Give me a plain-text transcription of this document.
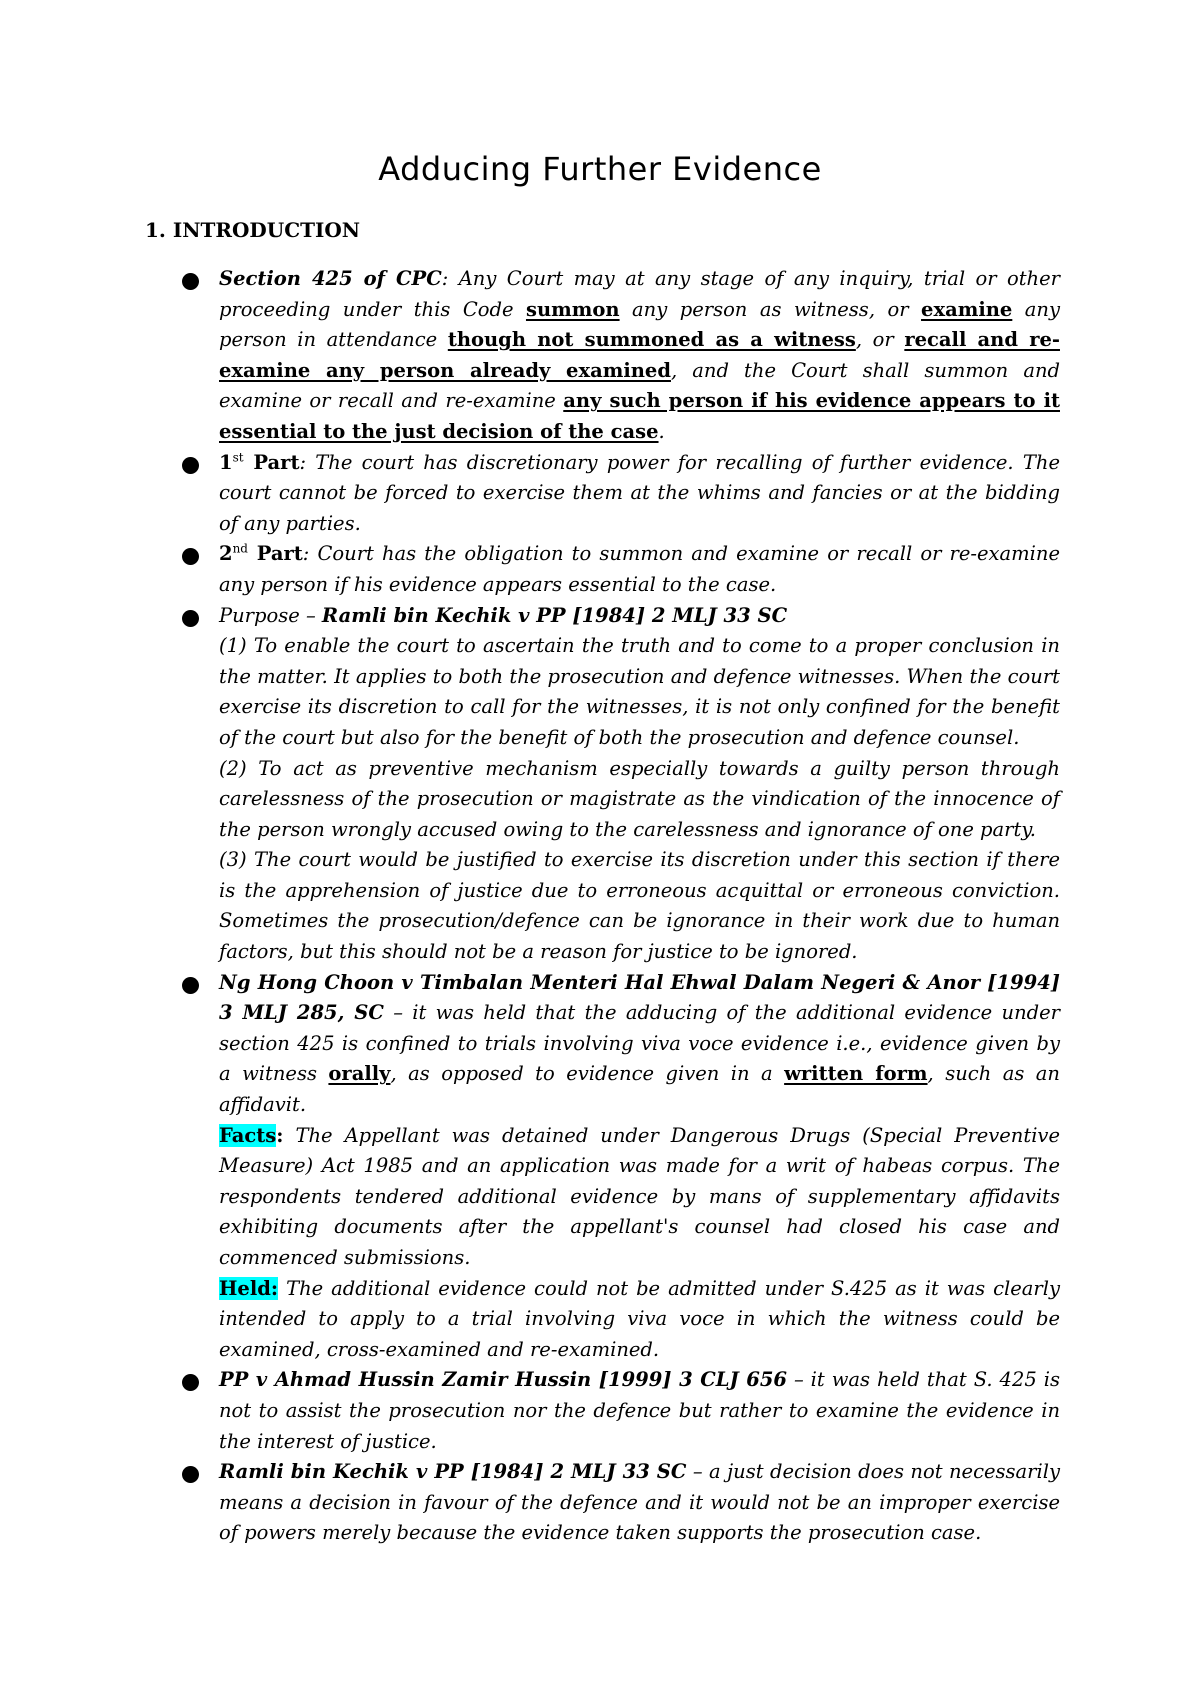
Adducing Further Evidence
1. INTRODUCTION
Section 425 of CPC: Any Court may at any stage of any inquiry, trial or other proceeding under this Code summon any person as witness, or examine any person in attendance though not summoned as a witness, or recall and re-examine any person already examined, and the Court shall summon and examine or recall and re-examine any such person if his evidence appears to it essential to the just decision of the case.
1st Part: The court has discretionary power for recalling of further evidence. The court cannot be forced to exercise them at the whims and fancies or at the bidding of any parties.
2nd Part: Court has the obligation to summon and examine or recall or re-examine any person if his evidence appears essential to the case.
Purpose – Ramli bin Kechik v PP [1984] 2 MLJ 33 SC
(1) To enable the court to ascertain the truth and to come to a proper conclusion in the matter. It applies to both the prosecution and defence witnesses. When the court exercise its discretion to call for the witnesses, it is not only confined for the benefit of the court but also for the benefit of both the prosecution and defence counsel.
(2) To act as preventive mechanism especially towards a guilty person through carelessness of the prosecution or magistrate as the vindication of the innocence of the person wrongly accused owing to the carelessness and ignorance of one party.
(3) The court would be justified to exercise its discretion under this section if there is the apprehension of justice due to erroneous acquittal or erroneous conviction. Sometimes the prosecution/defence can be ignorance in their work due to human factors, but this should not be a reason for justice to be ignored.
Ng Hong Choon v Timbalan Menteri Hal Ehwal Dalam Negeri & Anor [1994] 3 MLJ 285, SC – it was held that the adducing of the additional evidence under section 425 is confined to trials involving viva voce evidence i.e., evidence given by a witness orally, as opposed to evidence given in a written form, such as an affidavit.
Facts: The Appellant was detained under Dangerous Drugs (Special Preventive Measure) Act 1985 and an application was made for a writ of habeas corpus. The respondents tendered additional evidence by mans of supplementary affidavits exhibiting documents after the appellant's counsel had closed his case and commenced submissions.
Held: The additional evidence could not be admitted under S.425 as it was clearly intended to apply to a trial involving viva voce in which the witness could be examined, cross-examined and re-examined.
PP v Ahmad Hussin Zamir Hussin [1999] 3 CLJ 656 – it was held that S. 425 is not to assist the prosecution nor the defence but rather to examine the evidence in the interest of justice.
Ramli bin Kechik v PP [1984] 2 MLJ 33 SC – a just decision does not necessarily means a decision in favour of the defence and it would not be an improper exercise of powers merely because the evidence taken supports the prosecution case.
